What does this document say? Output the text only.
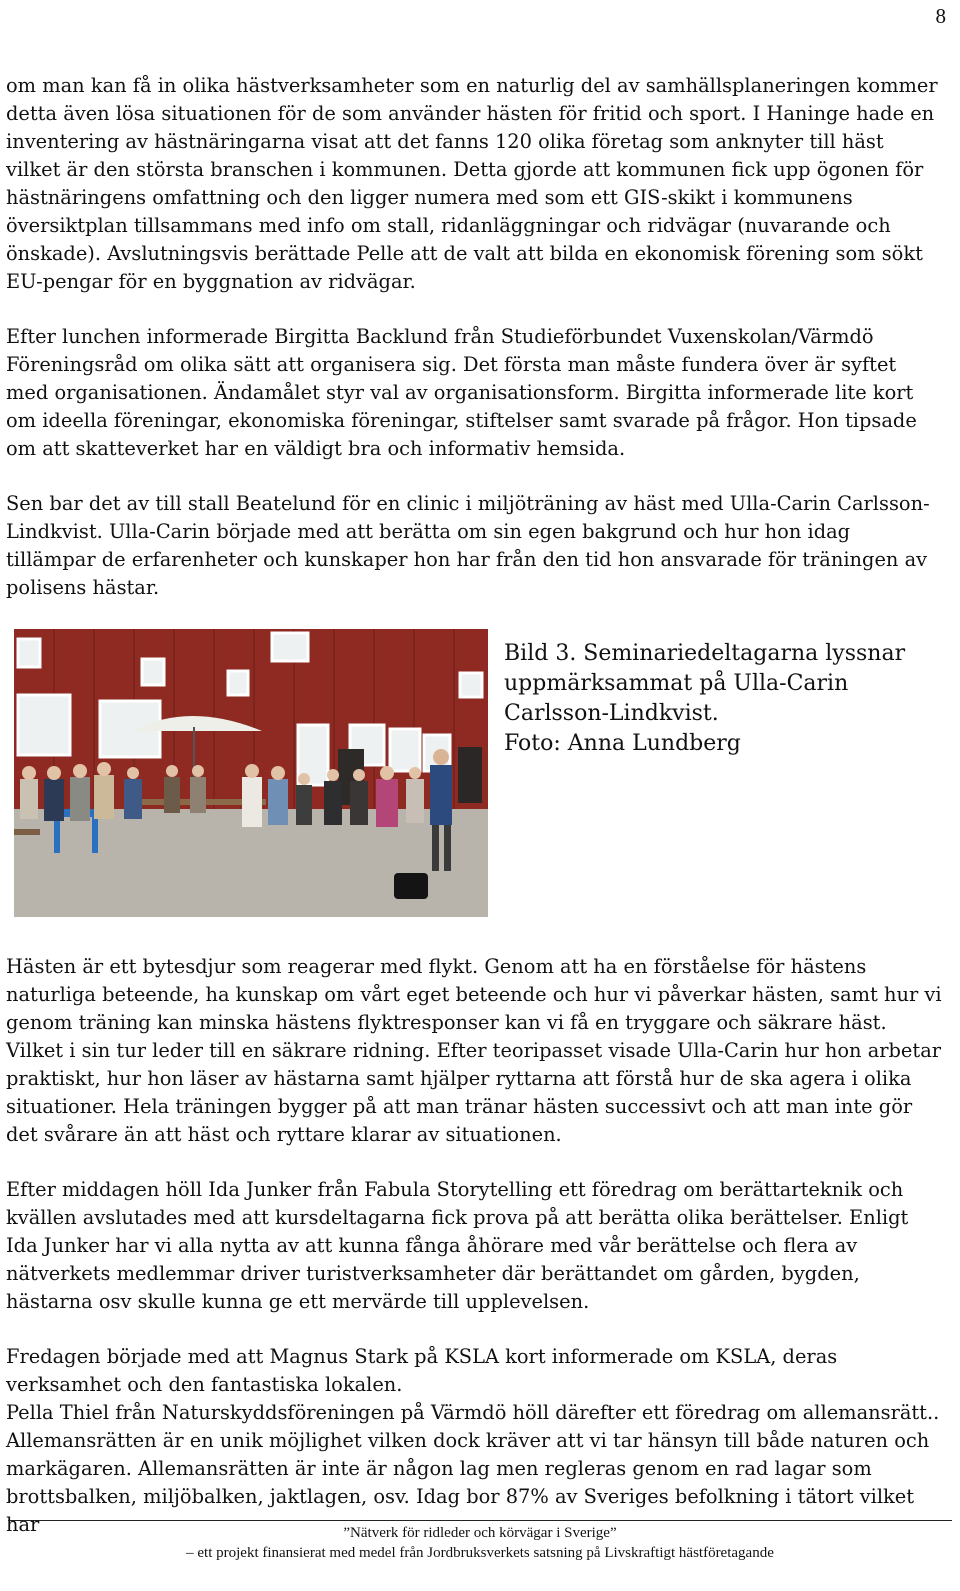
8

om man kan få in olika hästverksamheter som en naturlig del av samhällsplaneringen kommer detta även lösa situationen för de som använder hästen för fritid och sport. I Haninge hade en inventering av hästnäringarna visat att det fanns 120 olika företag som anknyter till häst vilket är den största branschen i kommunen. Detta gjorde att kommunen fick upp ögonen för hästnäringens omfattning och den ligger numera med som ett GIS-skikt i kommunens översiktplan tillsammans med info om stall, ridanläggningar och ridvägar (nuvarande och önskade). Avslutningsvis berättade Pelle att de valt att bilda en ekonomisk förening som sökt EU-pengar för en byggnation av ridvägar.

Efter lunchen informerade Birgitta Backlund från Studieförbundet Vuxenskolan/Värmdö Föreningsråd om olika sätt att organisera sig. Det första man måste fundera över är syftet med organisationen. Ändamålet styr val av organisationsform. Birgitta informerade lite kort om ideella föreningar, ekonomiska föreningar, stiftelser samt svarade på frågor. Hon tipsade om att skatteverket har en väldigt bra och informativ hemsida.

Sen bar det av till stall Beatelund för en clinic i miljöträning av häst med Ulla-Carin Carlsson-Lindkvist. Ulla-Carin började med att berätta om sin egen bakgrund och hur hon idag tillämpar de erfarenheter och kunskaper hon har från den tid hon ansvarade för träningen av polisens hästar.

Bild 3. Seminariedeltagarna lyssnar uppmärksammat på Ulla-Carin Carlsson-Lindkvist.
Foto: Anna Lundberg

Hästen är ett bytesdjur som reagerar med flykt. Genom att ha en förståelse för hästens naturliga beteende, ha kunskap om vårt eget beteende och hur vi påverkar hästen, samt hur vi genom träning kan minska hästens flyktresponser kan vi få en tryggare och säkrare häst. Vilket i sin tur leder till en säkrare ridning. Efter teoripasset visade Ulla-Carin hur hon arbetar praktiskt, hur hon läser av hästarna samt hjälper ryttarna att förstå hur de ska agera i olika situationer. Hela träningen bygger på att man tränar hästen successivt och att man inte gör det svårare än att häst och ryttare klarar av situationen.

Efter middagen höll Ida Junker från Fabula Storytelling ett föredrag om berättarteknik och kvällen avslutades med att kursdeltagarna fick prova på att berätta olika berättelser. Enligt Ida Junker har vi alla nytta av att kunna fånga åhörare med vår berättelse och flera av nätverkets medlemmar driver turistverksamheter där berättandet om gården, bygden, hästarna osv skulle kunna ge ett mervärde till upplevelsen.

Fredagen började med att Magnus Stark på KSLA kort informerade om KSLA, deras verksamhet och den fantastiska lokalen.

Pella Thiel från Naturskyddsföreningen på Värmdö höll därefter ett föredrag om allemansrätt.. Allemansrätten är en unik möjlighet vilken dock kräver att vi tar hänsyn till både naturen och markägaren. Allemansrätten är inte är någon lag men regleras genom en rad lagar som brottsbalken, miljöbalken, jaktlagen, osv. Idag bor 87% av Sveriges befolkning i tätort vilket har	”Nätverk för ridleder och körvägar i Sverige”
– ett projekt finansierat med medel från Jordbruksverkets satsning på Livskraftigt hästföretagande
